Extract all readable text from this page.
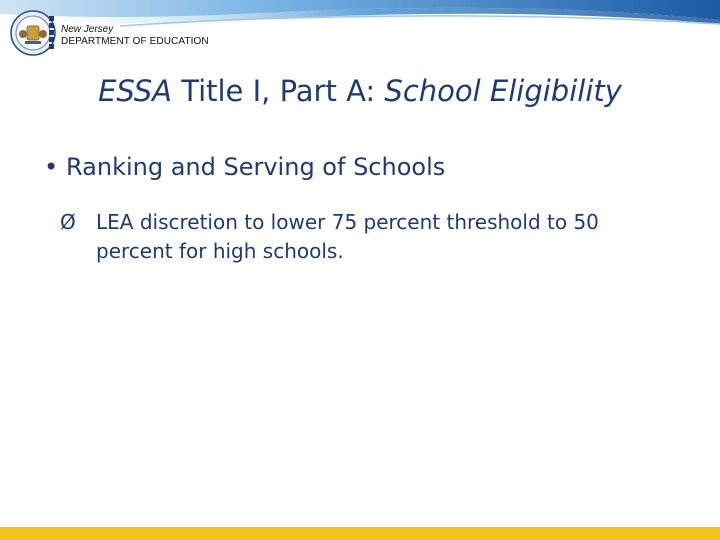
New Jersey
DEPARTMENT OF EDUCATION
ESSA Title I, Part A: School Eligibility
• Ranking and Serving of Schools
Ø	LEA discretion to lower 75 percent threshold to 50 percent for high schools.
